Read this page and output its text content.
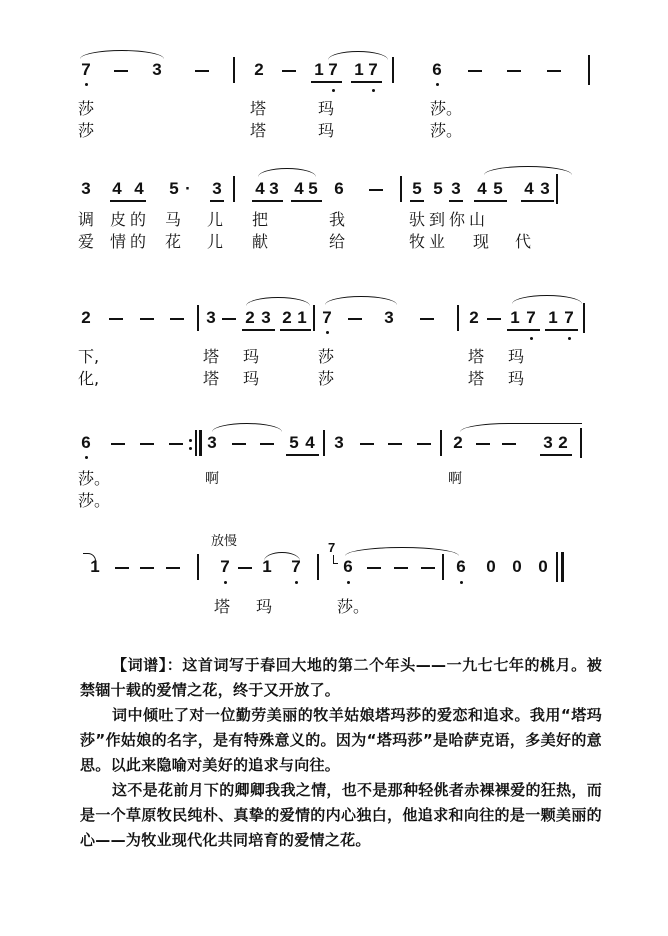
7	3	2	1 7 1 7	6
莎	塔	玛	莎。
莎	塔	玛	莎。
3 4 4 5 · 3 4 3 4 5 6	5 5 3 4 5 4 3
调 皮 的 马 儿 把	我	驮 到 你 山
爱 情 的 花 儿 献	给	牧 业 现 代
2	3 2 3 2 1 7	3	2 1 7 1 7
下,	塔 玛	莎	塔 玛
化,	塔 玛	莎	塔 玛
6	3	5 4 3	2	3 2
莎。	啊	啊
莎。
放慢
1	7 1 7
7
6	6 0 0 0
塔 玛	莎。

【词谱】：这首词写于春回大地的第二个年头——一九七七年的桃月。被禁锢十载的爱情之花，终于又开放了。

词中倾吐了对一位勤劳美丽的牧羊姑娘塔玛莎的爱恋和追求。我用“塔玛莎”作姑娘的名字，是有特殊意义的。因为“塔玛莎”是哈萨克语，多美好的意思。以此来隐喻对美好的追求与向往。

这不是花前月下的卿卿我我之情，也不是那种轻佻者赤裸裸爱的狂热，而是一个草原牧民纯朴、真挚的爱情的内心独白，他追求和向往的是一颗美丽的心——为牧业现代化共同培育的爱情之花。
